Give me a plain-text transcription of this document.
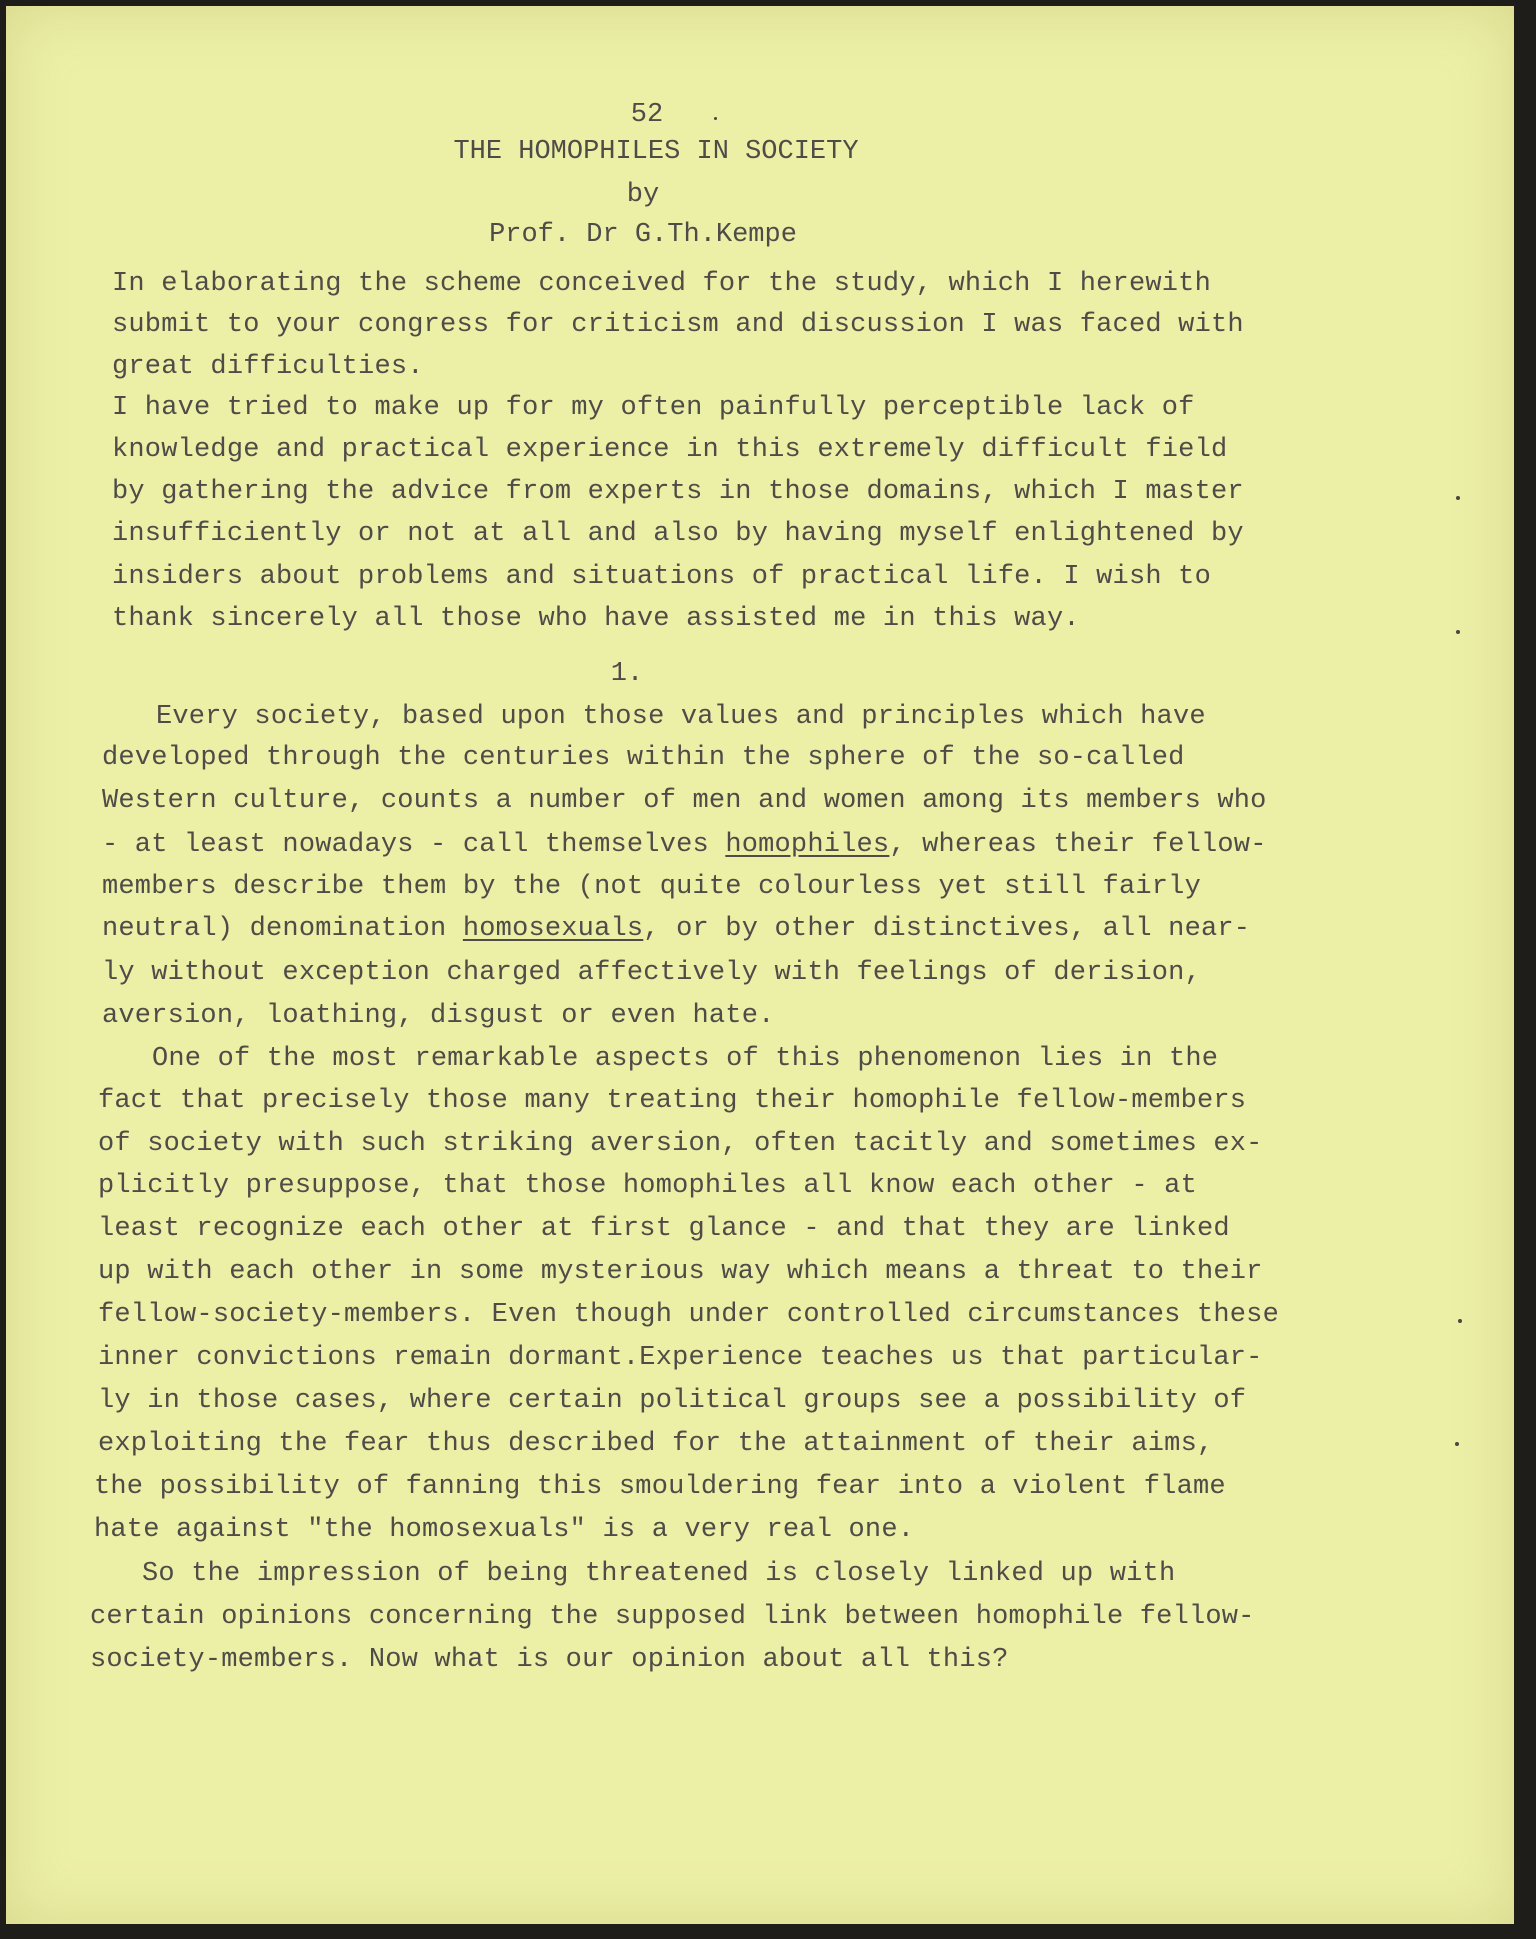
52
THE HOMOPHILES IN SOCIETY
by
Prof. Dr G.Th.Kempe
In elaborating the scheme conceived for the study, which I herewith
submit to your congress for criticism and discussion I was faced with
great difficulties.
I have tried to make up for my often painfully perceptible lack of
knowledge and practical experience in this extremely difficult field
by gathering the advice from experts in those domains, which I master
insufficiently or not at all and also by having myself enlightened by
insiders about problems and situations of practical life. I wish to
thank sincerely all those who have assisted me in this way.
1.
Every society, based upon those values and principles which have
developed through the centuries within the sphere of the so-called
Western culture, counts a number of men and women among its members who
- at least nowadays - call themselves homophiles, whereas their fellow-
members describe them by the (not quite colourless yet still fairly
neutral) denomination homosexuals, or by other distinctives, all near-
ly without exception charged affectively with feelings of derision,
aversion, loathing, disgust or even hate.
One of the most remarkable aspects of this phenomenon lies in the
fact that precisely those many treating their homophile fellow-members
of society with such striking aversion, often tacitly and sometimes ex-
plicitly presuppose, that those homophiles all know each other - at
least recognize each other at first glance - and that they are linked
up with each other in some mysterious way which means a threat to their
fellow-society-members. Even though under controlled circumstances these
inner convictions remain dormant.Experience teaches us that particular-
ly in those cases, where certain political groups see a possibility of
exploiting the fear thus described for the attainment of their aims,
the possibility of fanning this smouldering fear into a violent flame
hate against "the homosexuals" is a very real one.
So the impression of being threatened is closely linked up with
certain opinions concerning the supposed link between homophile fellow-
society-members. Now what is our opinion about all this?
